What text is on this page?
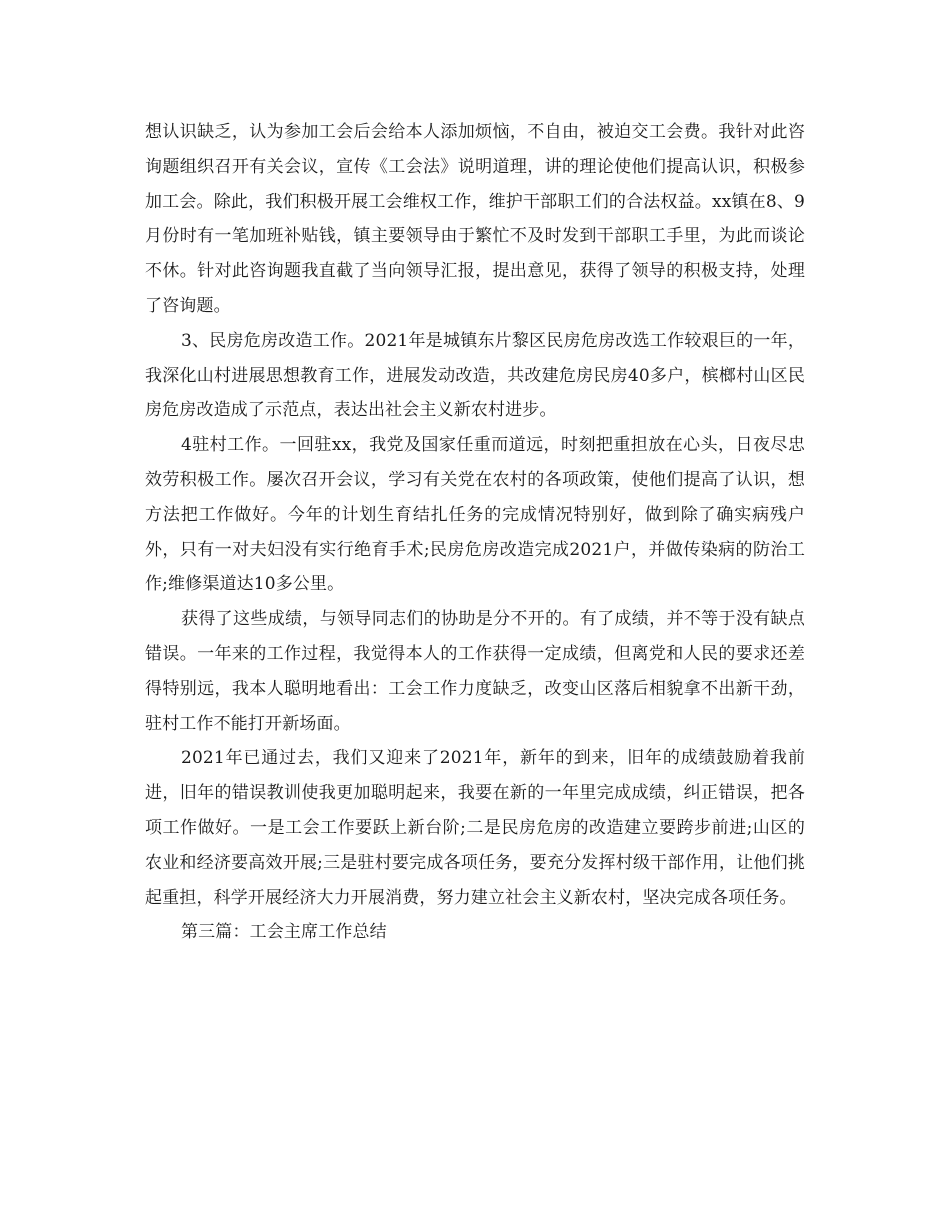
想认识缺乏，认为参加工会后会给本人添加烦恼，不自由，被迫交工会费。我针对此咨询题组织召开有关会议，宣传《工会法》说明道理，讲的理论使他们提高认识，积极参加工会。除此，我们积极开展工会维权工作，维护干部职工们的合法权益。xx镇在8、9月份时有一笔加班补贴钱，镇主要领导由于繁忙不及时发到干部职工手里，为此而谈论不休。针对此咨询题我直截了当向领导汇报，提出意见，获得了领导的积极支持，处理了咨询题。

3、民房危房改造工作。2021年是城镇东片黎区民房危房改选工作较艰巨的一年，我深化山村进展思想教育工作，进展发动改造，共改建危房民房40多户，槟榔村山区民房危房改造成了示范点，表达出社会主义新农村进步。

4驻村工作。一回驻xx，我党及国家任重而道远，时刻把重担放在心头，日夜尽忠效劳积极工作。屡次召开会议，学习有关党在农村的各项政策，使他们提高了认识，想方法把工作做好。今年的计划生育结扎任务的完成情况特别好，做到除了确实病残户外，只有一对夫妇没有实行绝育手术;民房危房改造完成2021户，并做传染病的防治工作;维修渠道达10多公里。

获得了这些成绩，与领导同志们的协助是分不开的。有了成绩，并不等于没有缺点错误。一年来的工作过程，我觉得本人的工作获得一定成绩，但离党和人民的要求还差得特别远，我本人聪明地看出：工会工作力度缺乏，改变山区落后相貌拿不出新干劲，驻村工作不能打开新场面。

2021年已通过去，我们又迎来了2021年，新年的到来，旧年的成绩鼓励着我前进，旧年的错误教训使我更加聪明起来，我要在新的一年里完成成绩，纠正错误，把各项工作做好。一是工会工作要跃上新台阶;二是民房危房的改造建立要跨步前进;山区的农业和经济要高效开展;三是驻村要完成各项任务，要充分发挥村级干部作用，让他们挑起重担，科学开展经济大力开展消费，努力建立社会主义新农村，坚决完成各项任务。

第三篇：工会主席工作总结
